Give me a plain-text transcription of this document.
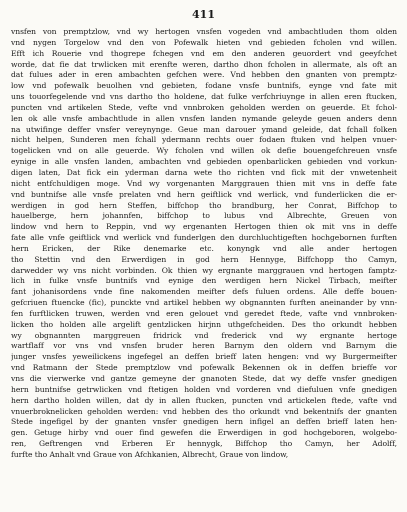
411
vnsfen von premptzlow, vnd wy hertogen vnsfen vogeden vnd ambachtluden thom olden
vnd nygen Torgelow vnd den von Pofewalk hieten vnd gebieden fcholen vnd willen.
Efft ich Rouerie vnd thogrepe fchegen vnd em den anderen geuordert vnd geeyfchet
worde, dat fie dat trwlicken mit erenfte weren, dartho dhon fcholen in allermate, als oft an
dat fulues ader in eren ambachten gefchen were. Vnd hebben den gnanten von premptz-
low vnd pofewalk beuolhen vnd gebieten, fodane vnsfe buntnifs, eynge vnd fate mit
uns touorfegelende vnd vns dartho tho holdene, dat fulke verfchriuynge in allen eren ftucken,
puncten vnd artikelen Stede, vefte vnd vnnbroken geholden werden on geuerde. Et fchol-
len ok alle vnsfe ambachtlude in allen vnsfen landen nymande geleyde geuen anders denn
na utwifinge deffer vnsfer vereynynge. Geue man darouer ymand geleide, dat fchall folken
nicht helpen, Sunderen men fchall ydermann rechts ouer fodaen ftuken vnd helpen vnuer-
togelicken vnd on alle geuerde. Wy fcholen vnd willen ok defie bouengefchreuen vnsfe
eynige in alle vnsfen landen, ambachten vnd gebieden openbarlicken gebieden vnd vorkun-
digen laten, Dat fick ein yderman darna wete tho richten vnd fick mit der vnwetenheit
nicht entfchuldigen moge. Vnd wy vorgenanten Marggrauen thien mit vns in deffe fate
vnd buntnifse alle vnsfe prelaten vnd hern geiftlick vnd werlick, vnd funderlicken die er-
werdigen in god hern Steffen, biffchop tho brandburg, her Conrat, Biffchop to
hauelberge, hern johannfen, biffchop to lubus vnd Albrechte, Greuen von
lindow vnd hern to Reppin, vnd wy ergenanten Hertogen thien ok mit vns in deffe
fate alle vnfe geiftlick vnd werlick vnd funderlgen den durchluchtigeften hochgebornen furften
hern Ericken, der Rike denemarke etc. konyngk vnd alle ander hertogen
tho Stettin vnd den Erwerdigen in god hern Hennyge, Biffchopp tho Camyn,
darwedder wy vns nicht vorbinden. Ok thien wy ergnante marggrauen vnd hertogen famptz-
lich in fulke vnsfe buntnifs vnd eynige den werdigen hern Nickel Tirbach, meifter
fant johanisordens vnde fine nakomenden meifter defs fuluen ordens. Alle deffe bouen-
gefcriuen ftuencke (fic), punckte vnd artikel hebben wy obgnannten furften aneinander by vnn-
fen furftlicken truwen, werden vnd eren gelouet vnd geredet ftede, vafte vnd vnnbroken-
licken tho holden alle argelift gentzlicken hirjnn uthgefcheiden. Des tho orkundt hebben
wy obgnannten marggreuen fridrick vnd frederick vnd wy ergnante hertoge
wartflaff vor vns vnd vnsfen bruder heren Barnym den oldern vnd Barnym die
junger vnsfes yeweilickens ingefegel an deffen brieff laten hengen: vnd wy Burgermeifter
vnd Ratmann der Stede premptzlow vnd pofewalk Bekennen ok in deffen brieffe vor
vns die vierwerke vnd gantze gemeyne der gnanoten Stede, dat wy deffe vnsfer gnedigen
hern buntnifse getrwlicken vnd ftetigen holden vnd vorderen vnd diefuluen vnfe gnedigen
hern dartho holden willen, dat dy in allen ftucken, puncten vnd artickelen ftede, vafte vnd
vnuerbroknelicken geholden werden: vnd hebben des tho orkundt vnd bekentnifs der gnanten
Stede ingefigel by der gnanten vnsfer gnedigen hern infigel an deffen brieff laten hen-
gen. Getuge hirby vnd ouer find gewefen die Erwerdigen in god hochgeboren, wolgebo-
ren, Geftrengen vnd Erberen Er hennygk, Biffchop tho Camyn, her Adolff,
furfte tho Anhalt vnd Graue von Afchkanien, Albrecht, Graue von lindow,
